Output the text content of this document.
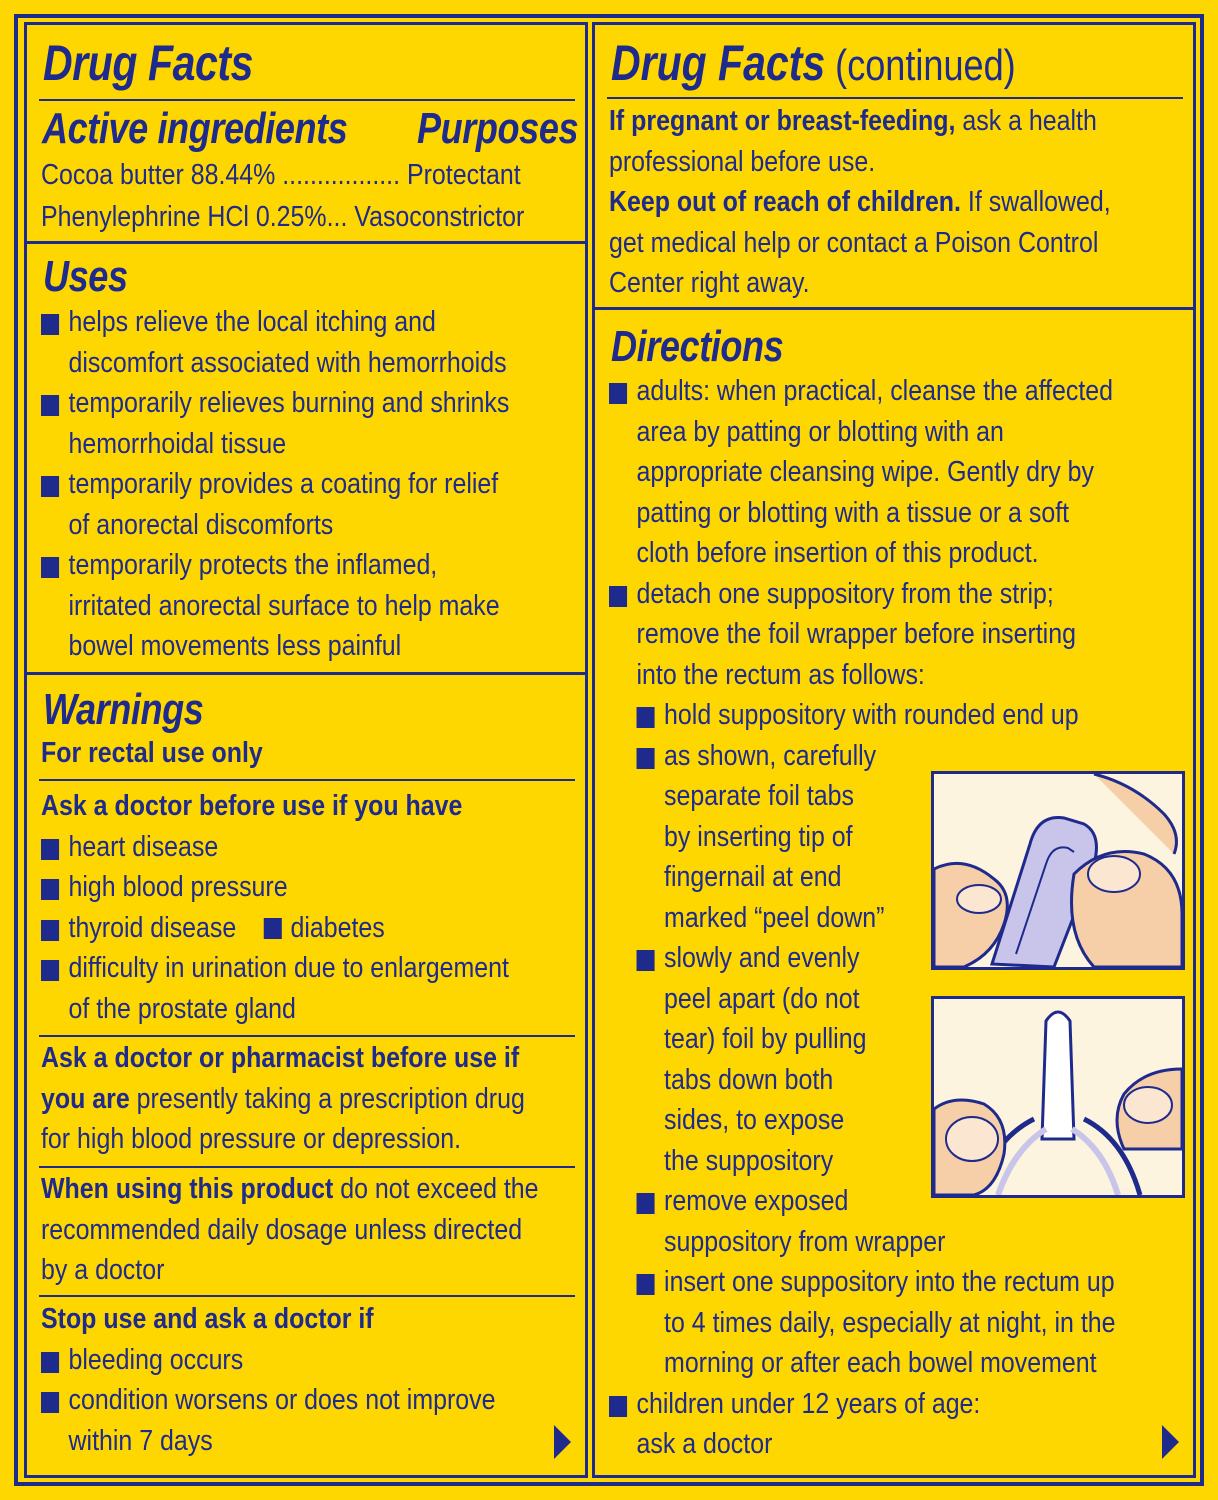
Drug Facts
Active ingredients Purposes
Cocoa butter 88.44% ................. Protectant
Phenylephrine HCl 0.25%... Vasoconstrictor
Uses
helps relieve the local itching and
discomfort associated with hemorrhoids
temporarily relieves burning and shrinks
hemorrhoidal tissue
temporarily provides a coating for relief
of anorectal discomforts
temporarily protects the inflamed,
irritated anorectal surface to help make
bowel movements less painful
Warnings
For rectal use only
Ask a doctor before use if you have
heart disease
high blood pressure
thyroid disease diabetes
difficulty in urination due to enlargement
of the prostate gland
Ask a doctor or pharmacist before use if
you are presently taking a prescription drug
for high blood pressure or depression.
When using this product do not exceed the
recommended daily dosage unless directed
by a doctor
Stop use and ask a doctor if
bleeding occurs
condition worsens or does not improve
within 7 days
Drug Facts (continued)
If pregnant or breast-feeding, ask a health
professional before use.
Keep out of reach of children. If swallowed,
get medical help or contact a Poison Control
Center right away.
Directions
adults: when practical, cleanse the affected
area by patting or blotting with an
appropriate cleansing wipe. Gently dry by
patting or blotting with a tissue or a soft
cloth before insertion of this product.
detach one suppository from the strip;
remove the foil wrapper before inserting
into the rectum as follows:
hold suppository with rounded end up
as shown, carefully
separate foil tabs
by inserting tip of
fingernail at end
marked “peel down”
slowly and evenly
peel apart (do not
tear) foil by pulling
tabs down both
sides, to expose
the suppository
remove exposed
suppository from wrapper
insert one suppository into the rectum up
to 4 times daily, especially at night, in the
morning or after each bowel movement
children under 12 years of age:
ask a doctor
